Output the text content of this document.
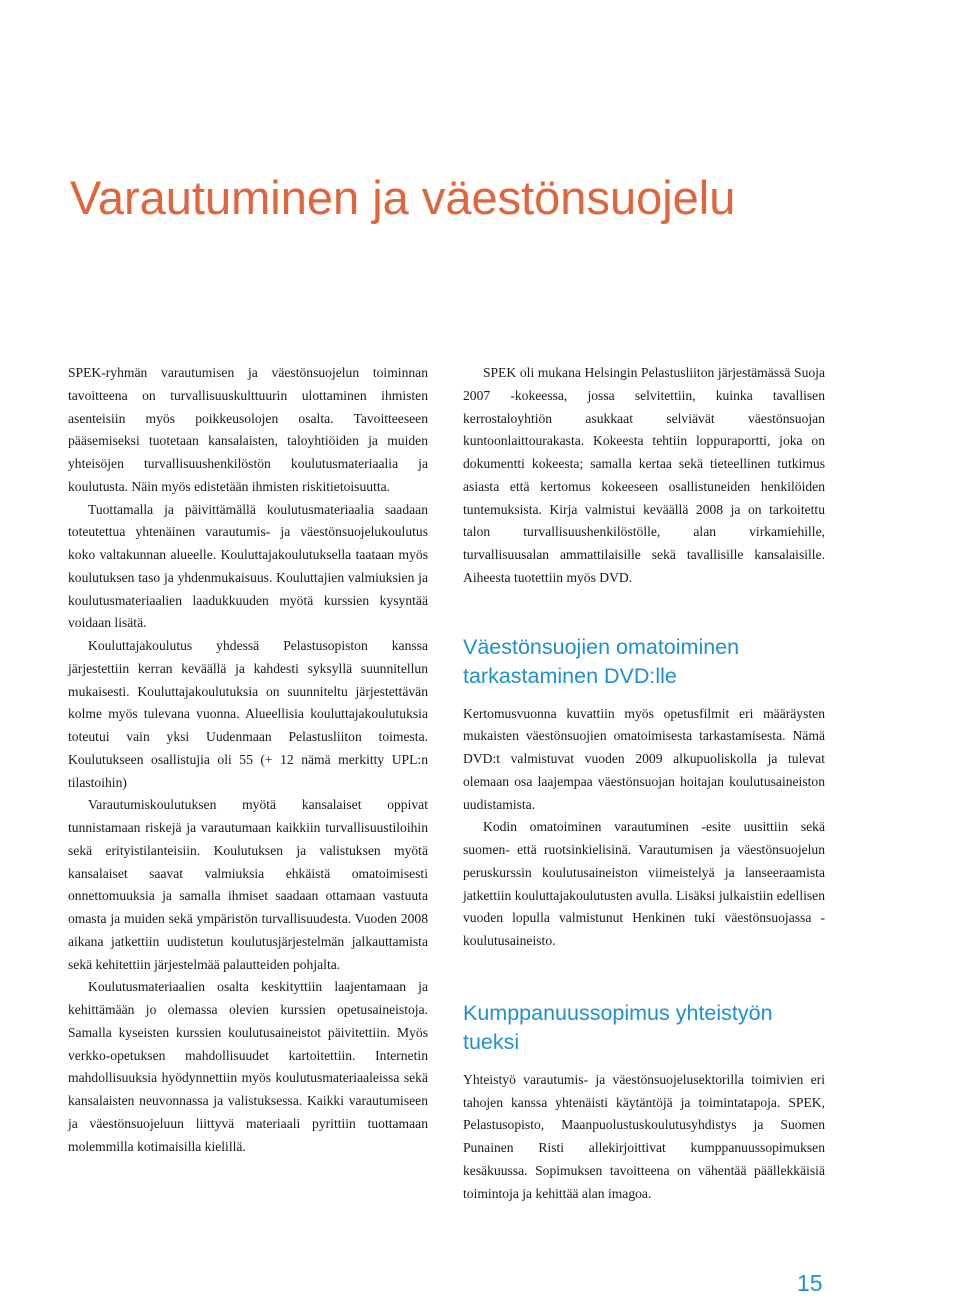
Varautuminen ja väestönsuojelu

SPEK-ryhmän varautumisen ja väestönsuojelun toiminnan tavoitteena on turvallisuuskulttuurin ulottaminen ihmisten asenteisiin myös poikkeusolojen osalta. Tavoitteeseen pääsemiseksi tuotetaan kansalaisten, taloyhtiöiden ja muiden yhteisöjen turvallisuushenkilöstön koulutusmateriaalia ja koulutusta. Näin myös edistetään ihmisten riskitietoisuutta.

Tuottamalla ja päivittämällä koulutusmateriaalia saadaan toteutettua yhtenäinen varautumis- ja väestönsuojelukoulutus koko valtakunnan alueelle. Kouluttajakoulutuksella taataan myös koulutuksen taso ja yhdenmukaisuus. Kouluttajien valmiuksien ja koulutusmateriaalien laadukkuuden myötä kurssien kysyntää voidaan lisätä.

Kouluttajakoulutus yhdessä Pelastusopiston kanssa järjestettiin kerran keväällä ja kahdesti syksyllä suunnitellun mukaisesti. Kouluttajakoulutuksia on suunniteltu järjestettävän kolme myös tulevana vuonna. Alueellisia kouluttajakoulutuksia toteutui vain yksi Uudenmaan Pelastusliiton toimesta. Koulutukseen osallistujia oli 55 (+ 12 nämä merkitty UPL:n tilastoihin)

Varautumiskoulutuksen myötä kansalaiset oppivat tunnistamaan riskejä ja varautumaan kaikkiin turvallisuustiloihin sekä erityistilanteisiin. Koulutuksen ja valistuksen myötä kansalaiset saavat valmiuksia ehkäistä omatoimisesti onnettomuuksia ja samalla ihmiset saadaan ottamaan vastuuta omasta ja muiden sekä ympäristön turvallisuudesta. Vuoden 2008 aikana jatkettiin uudistetun koulutusjärjestelmän jalkauttamista sekä kehitettiin järjestelmää palautteiden pohjalta.

Koulutusmateriaalien osalta keskityttiin laajentamaan ja kehittämään jo olemassa olevien kurssien opetusaineistoja. Samalla kyseisten kurssien koulutusaineistot päivitettiin. Myös verkko-opetuksen mahdollisuudet kartoitettiin. Internetin mahdollisuuksia hyödynnettiin myös koulutusmateriaaleissa sekä kansalaisten neuvonnassa ja valistuksessa. Kaikki varautumiseen ja väestönsuojeluun liittyvä materiaali pyrittiin tuottamaan molemmilla kotimaisilla kielillä.

SPEK oli mukana Helsingin Pelastusliiton järjestämässä Suoja 2007 -kokeessa, jossa selvitettiin, kuinka tavallisen kerrostaloyhtiön asukkaat selviävät väestönsuojan kuntoonlaittourakasta. Kokeesta tehtiin loppuraportti, joka on dokumentti kokeesta; samalla kertaa sekä tieteellinen tutkimus asiasta että kertomus kokeeseen osallistuneiden henkilöiden tuntemuksista. Kirja valmistui keväällä 2008 ja on tarkoitettu talon turvallisuushenkilöstölle, alan virkamiehille, turvallisuusalan ammattilaisille sekä tavallisille kansalaisille. Aiheesta tuotettiin myös DVD.

Väestönsuojien omatoiminen tarkastaminen DVD:lle

Kertomusvuonna kuvattiin myös opetusfilmit eri määräysten mukaisten väestönsuojien omatoimisesta tarkastamisesta. Nämä DVD:t valmistuvat vuoden 2009 alkupuoliskolla ja tulevat olemaan osa laajempaa väestönsuojan hoitajan koulutusaineiston uudistamista.

Kodin omatoiminen varautuminen -esite uusittiin sekä suomen- että ruotsinkielisinä. Varautumisen ja väestönsuojelun peruskurssin koulutusaineiston viimeistelyä ja lanseeraamista jatkettiin kouluttajakoulutusten avulla. Lisäksi julkaistiin edellisen vuoden lopulla valmistunut Henkinen tuki väestönsuojassa -koulutusaineisto.

Kumppanuussopimus yhteistyön tueksi

Yhteistyö varautumis- ja väestönsuojelusektorilla toimivien eri tahojen kanssa yhtenäisti käytäntöjä ja toimintatapoja. SPEK, Pelastusopisto, Maanpuolustuskoulutusyhdistys ja Suomen Punainen Risti allekirjoittivat kumppanuussopimuksen kesäkuussa. Sopimuksen tavoitteena on vähentää päällekkäisiä toimintoja ja kehittää alan imagoa.

15
